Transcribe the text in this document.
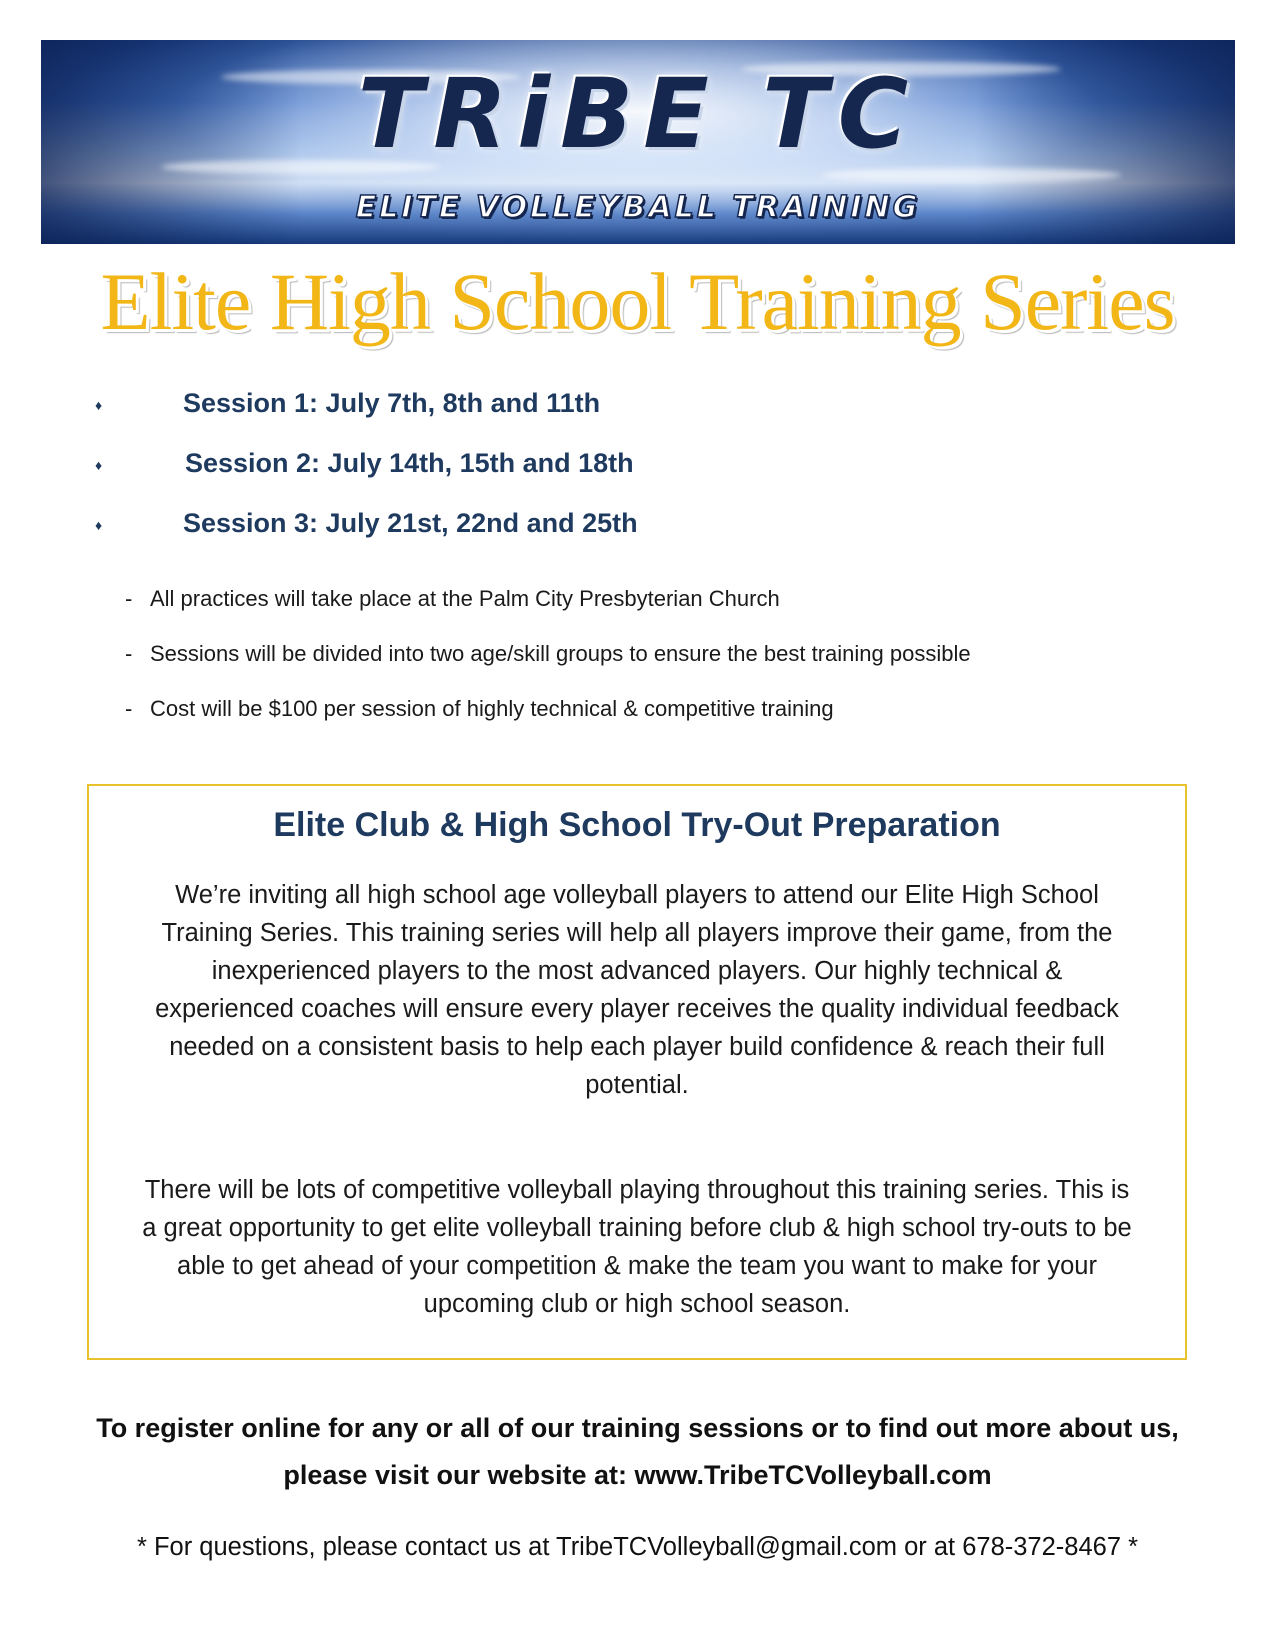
TRiBE TC
ELITE VOLLEYBALL TRAINING
Elite High School Training Series
♦	Session 1: July 7th, 8th and 11th
♦	Session 2: July 14th, 15th and 18th
♦	Session 3: July 21st, 22nd and 25th
- All practices will take place at the Palm City Presbyterian Church
- Sessions will be divided into two age/skill groups to ensure the best training possible
- Cost will be $100 per session of highly technical & competitive training
Elite Club & High School Try-Out Preparation
We’re inviting all high school age volleyball players to attend our Elite High School Training Series. This training series will help all players improve their game, from the inexperienced players to the most advanced players. Our highly technical & experienced coaches will ensure every player receives the quality individual feedback needed on a consistent basis to help each player build confidence & reach their full potential.
There will be lots of competitive volleyball playing throughout this training series. This is a great opportunity to get elite volleyball training before club & high school try-outs to be able to get ahead of your competition & make the team you want to make for your upcoming club or high school season.
To register online for any or all of our training sessions or to find out more about us, please visit our website at: www.TribeTCVolleyball.com
* For questions, please contact us at TribeTCVolleyball@gmail.com or at 678-372-8467 *
